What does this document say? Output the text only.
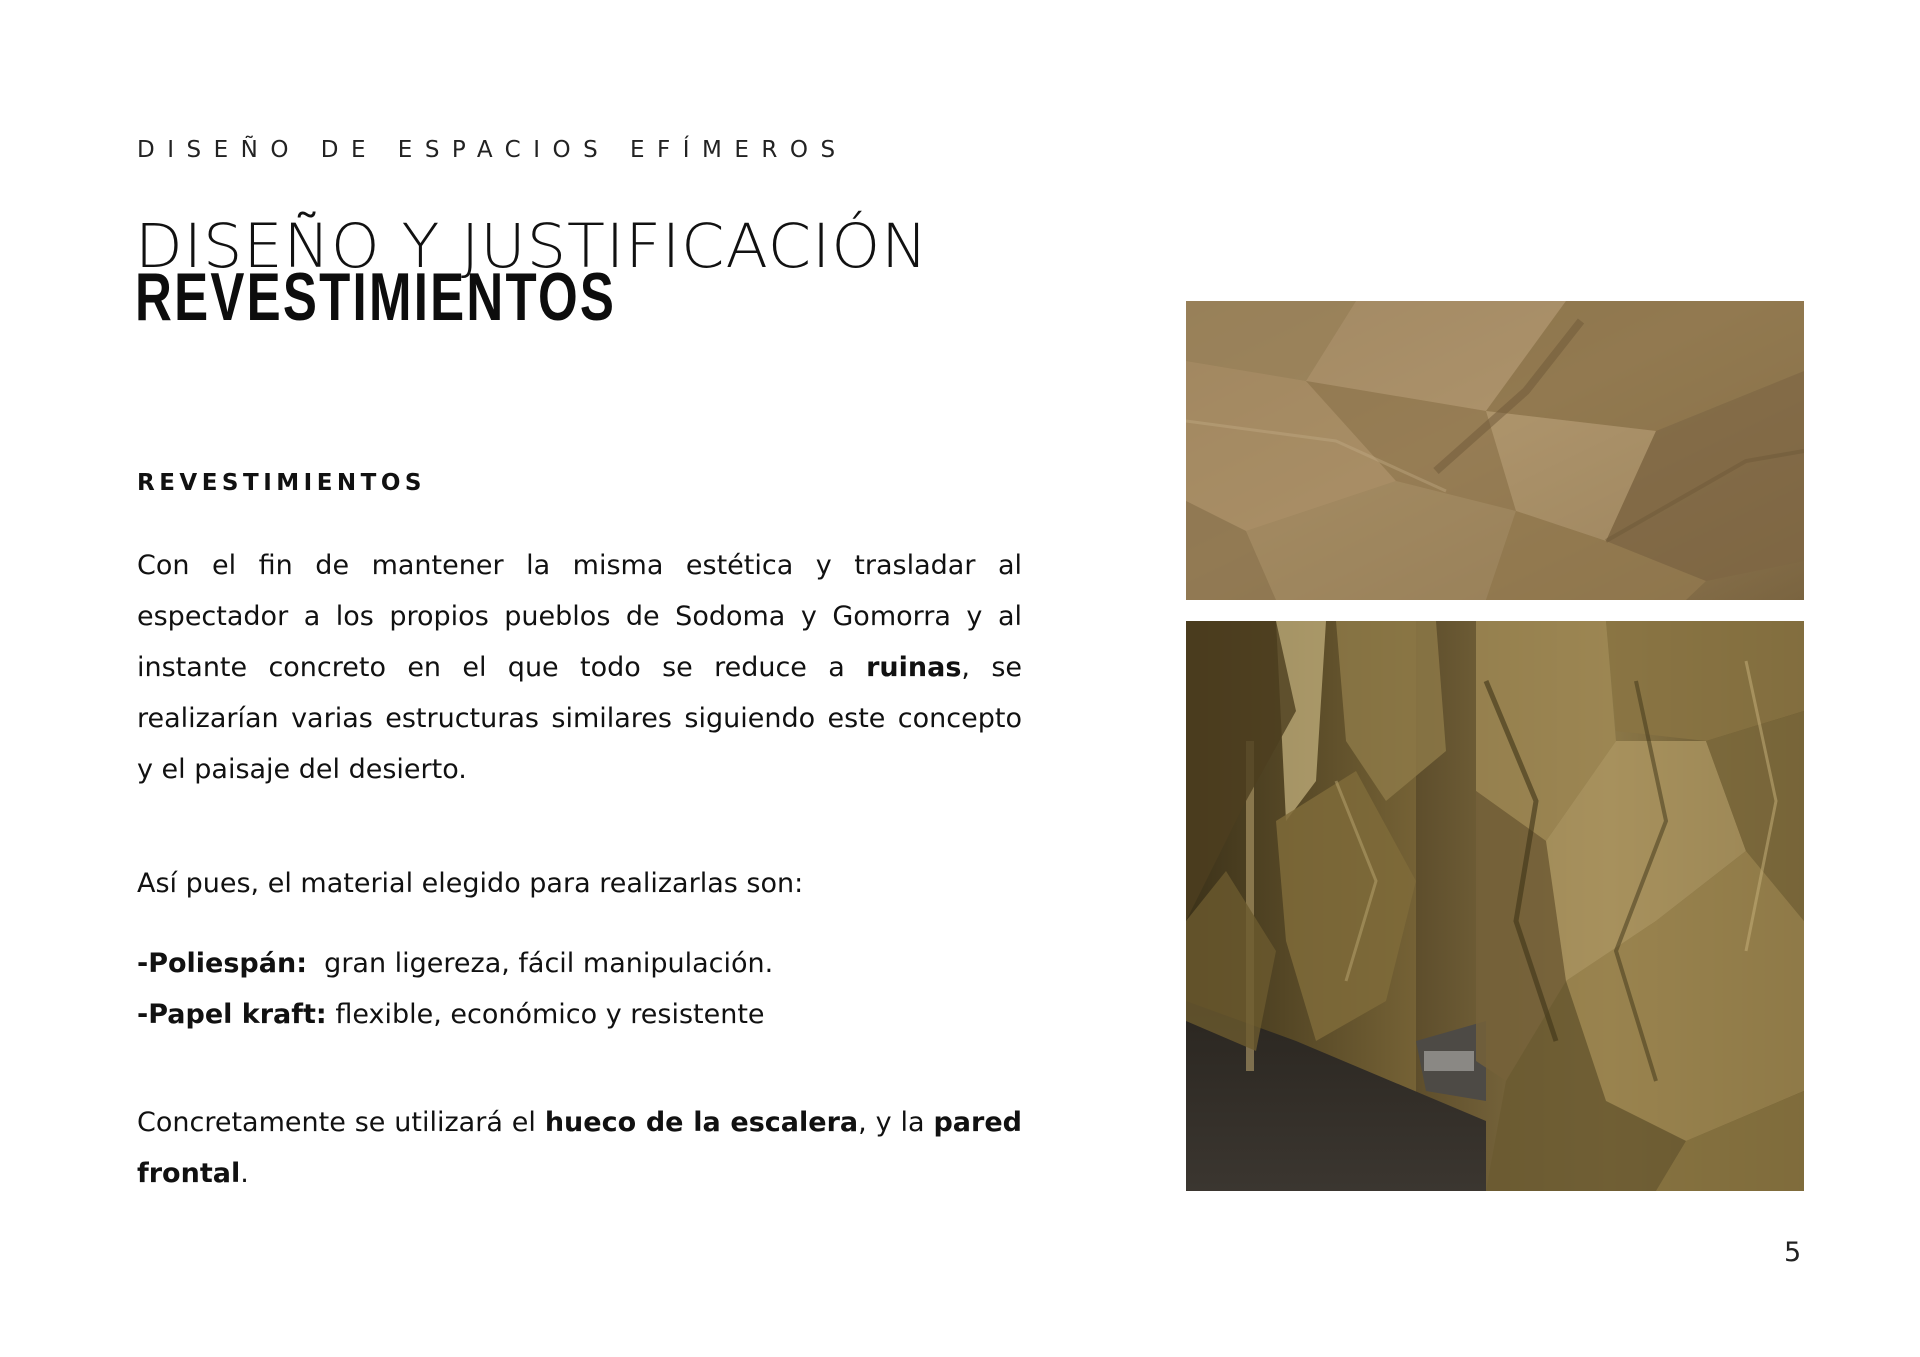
DISEÑO DE ESPACIOS EFÍMEROS
DISEÑO Y JUSTIFICACIÓN
REVESTIMIENTOS
REVESTIMIENTOS
Con el fin de mantener la misma estética y trasladar al espectador a los propios pueblos de Sodoma y Gomorra y al instante concreto en el que todo se reduce a ruinas, se realizarían varias estructuras similares siguiendo este concepto y el paisaje del desierto.
Así pues, el material elegido para realizarlas son:
-Poliespán:  gran ligereza, fácil manipulación.
-Papel kraft: flexible, económico y resistente
Concretamente se utilizará el hueco de la escalera, y la pared frontal.
5
